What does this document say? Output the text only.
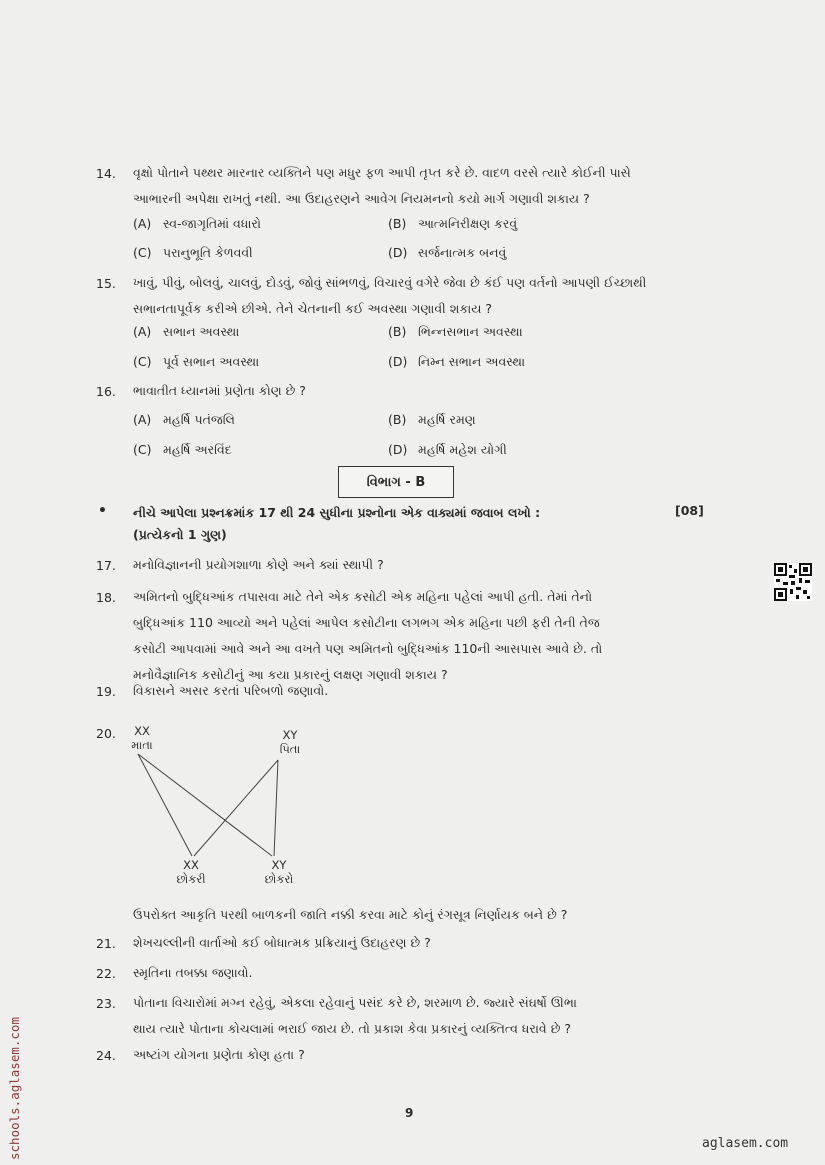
14.	વૃક્ષો પોતાને પથ્થર મારનાર વ્યક્તિને પણ મધુર ફળ આપી તૃપ્ત કરે છે. વાદળ વરસે ત્યારે કોઈની પાસે
આભારની અપેક્ષા રાખતું નથી. આ ઉદાહરણને આવેગ નિયમનનો કયો માર્ગ ગણાવી શકાય ?
(A) સ્વ-જાગૃતિમાં વધારો	(B) આત્મનિરીક્ષણ કરવું
(C) પરાનુભૂતિ કેળવવી	(D) સર્જનાત્મક બનવું
15.	ખાવું, પીવું, બોલવું, ચાલવું, દોડવું, જોવું સાંભળવું, વિચારવું વગેરે જેવા છે કંઈ પણ વર્તનો આપણી ઈચ્છાથી
સભાનતાપૂર્વક કરીએ છીએ. તેને ચેતનાની કઈ અવસ્થા ગણાવી શકાય ?
(A) સભાન અવસ્થા	(B) ભિન્નસભાન અવસ્થા
(C) પૂર્વ સભાન અવસ્થા	(D) નિમ્ન સભાન અવસ્થા
16.	ભાવાતીત ધ્યાનમાં પ્રણેતા કોણ છે ?
(A) મહર્ષિ પતંજલિ	(B) મહર્ષિ રમણ
(C) મહર્ષિ અરવિંદ	(D) મહર્ષિ મહેશ યોગી
વિભાગ - B
• નીચે આપેલા પ્રશ્નક્રમાંક 17 થી 24 સુધીના પ્રશ્નોના એક વાક્યમાં જવાબ લખો :
(પ્રત્યેકનો 1 ગુણ)
[08]
17.	મનોવિજ્ઞાનની પ્રયોગશાળા કોણે અને ક્યાં સ્થાપી ?
18.	અમિતનો બુદ્ધિઆંક તપાસવા માટે તેને એક કસોટી એક મહિના પહેલાં આપી હતી. તેમાં તેનો
બુદ્ધિઆંક 110 આવ્યો અને પહેલાં આપેલ કસોટીના લગભગ એક મહિના પછી ફરી તેની તેજ
કસોટી આપવામાં આવે અને આ વખતે પણ અમિતનો બુદ્ધિઆંક 110ની આસપાસ આવે છે. તો
મનોવૈજ્ઞાનિક કસોટીનું આ કયા પ્રકારનું લક્ષણ ગણાવી શકાય ?
19.	વિકાસને અસર કરતાં પરિબળો જણાવો.
20.	XX
માતા
XY
પિતા
XX
છોકરી
XY
છોકરો
ઉપરોક્ત આકૃતિ પરથી બાળકની જાતિ નક્કી કરવા માટે કોનું રંગસૂત્ર નિર્ણાયક બને છે ?
21.	શેખચલ્લીની વાર્તાઓ કઈ બોધાત્મક પ્રક્રિયાનું ઉદાહરણ છે ?
22.	સ્મૃતિના તબક્કા જણાવો.
23.	પોતાના વિચારોમાં મગ્ન રહેવું, એકલા રહેવાનું પસંદ કરે છે, શરમાળ છે. જ્યારે સંઘર્ષો ઊભા
થાય ત્યારે પોતાના કોચલામાં ભરાઈ જાય છે. તો પ્રકાશ કેવા પ્રકારનું વ્યક્તિત્વ ધરાવે છે ?
24.	અષ્ટાંગ યોગના પ્રણેતા કોણ હતા ?
9
schools.aglasem.com	aglasem.com
